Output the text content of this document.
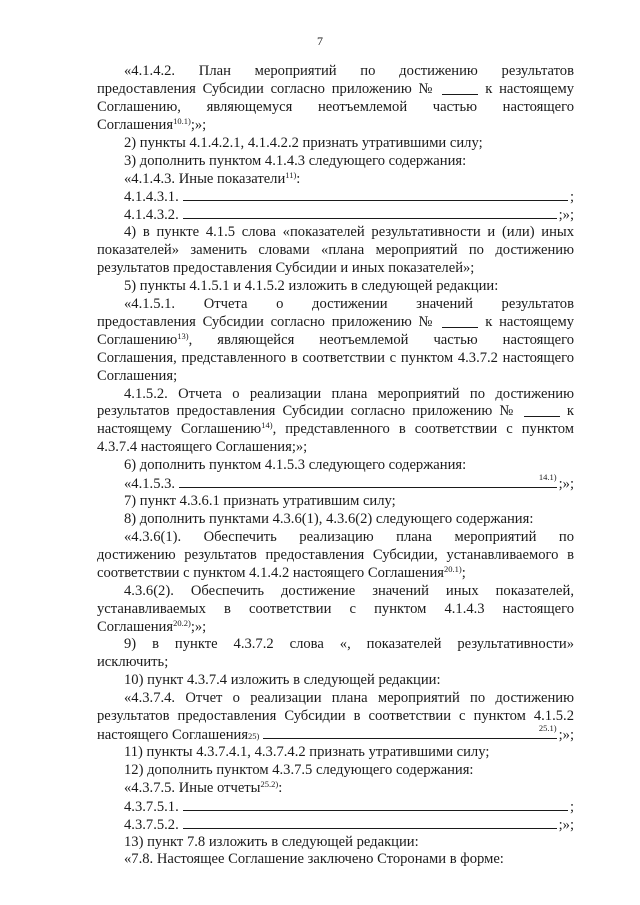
7
«4.1.4.2. План мероприятий по достижению результатов
предоставления Субсидии согласно приложению №	к настоящему
Соглашению, являющемуся неотъемлемой частью настоящего
Соглашения$^{10.1)}$;»;
2) пункты 4.1.4.2.1, 4.1.4.2.2 признать утратившими силу;
3) дополнить пунктом 4.1.4.3 следующего содержания:
«4.1.4.3. Иные показатели$^{11)}$:
4.1.4.3.1.	;
4.1.4.3.2.	;»;
4) в пункте 4.1.5 слова «показателей результативности и (или) иных
показателей» заменить словами «плана мероприятий по достижению
результатов предоставления Субсидии и иных показателей»;
5) пункты 4.1.5.1 и 4.1.5.2 изложить в следующей редакции:
«4.1.5.1. Отчета о достижении значений результатов
предоставления Субсидии согласно приложению №	к настоящему
Соглашению$^{13)}$, являющейся неотъемлемой частью настоящего
Соглашения, представленного в соответствии с пунктом 4.3.7.2 настоящего
Соглашения;
4.1.5.2. Отчета о реализации плана мероприятий по достижению
результатов предоставления Субсидии согласно приложению №	к
настоящему Соглашению$^{14)}$, представленного в соответствии с пунктом
4.3.7.4 настоящего Соглашения;»;
6) дополнить пунктом 4.1.5.3 следующего содержания:
«4.1.5.3.	14.1) ;»;
7) пункт 4.3.6.1 признать утратившим силу;
8) дополнить пунктами 4.3.6(1), 4.3.6(2) следующего содержания:
«4.3.6(1). Обеспечить реализацию плана мероприятий по
достижению результатов предоставления Субсидии, устанавливаемого в
соответствии с пунктом 4.1.4.2 настоящего Соглашения$^{20.1)}$;
4.3.6(2). Обеспечить достижение значений иных показателей,
устанавливаемых в соответствии с пунктом 4.1.4.3 настоящего
Соглашения$^{20.2)}$;»;
9) в пункте 4.3.7.2 слова «, показателей результативности»
исключить;
10) пункт 4.3.7.4 изложить в следующей редакции:
«4.3.7.4. Отчет о реализации плана мероприятий по достижению
результатов предоставления Субсидии в соответствии с пунктом 4.1.5.2
настоящего Соглашения 25)
25.1) ;»;
11) пункты 4.3.7.4.1, 4.3.7.4.2 признать утратившими силу;
12) дополнить пунктом 4.3.7.5 следующего содержания:
«4.3.7.5. Иные отчеты$^{25.2)}$:
4.3.7.5.1.	;
4.3.7.5.2.	;»;
13) пункт 7.8 изложить в следующей редакции:
«7.8. Настоящее Соглашение заключено Сторонами в форме:
